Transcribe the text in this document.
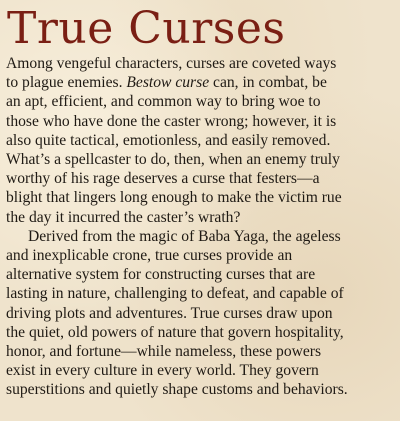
True Curses

Among vengeful characters, curses are coveted ways
to plague enemies. Bestow curse can, in combat, be
an apt, efficient, and common way to bring woe to
those who have done the caster wrong; however, it is
also quite tactical, emotionless, and easily removed.
What’s a spellcaster to do, then, when an enemy truly
worthy of his rage deserves a curse that festers—a
blight that lingers long enough to make the victim rue
the day it incurred the caster’s wrath?

Derived from the magic of Baba Yaga, the ageless
and inexplicable crone, true curses provide an
alternative system for constructing curses that are
lasting in nature, challenging to defeat, and capable of
driving plots and adventures. True curses draw upon
the quiet, old powers of nature that govern hospitality,
honor, and fortune—while nameless, these powers
exist in every culture in every world. They govern
superstitions and quietly shape customs and behaviors.
